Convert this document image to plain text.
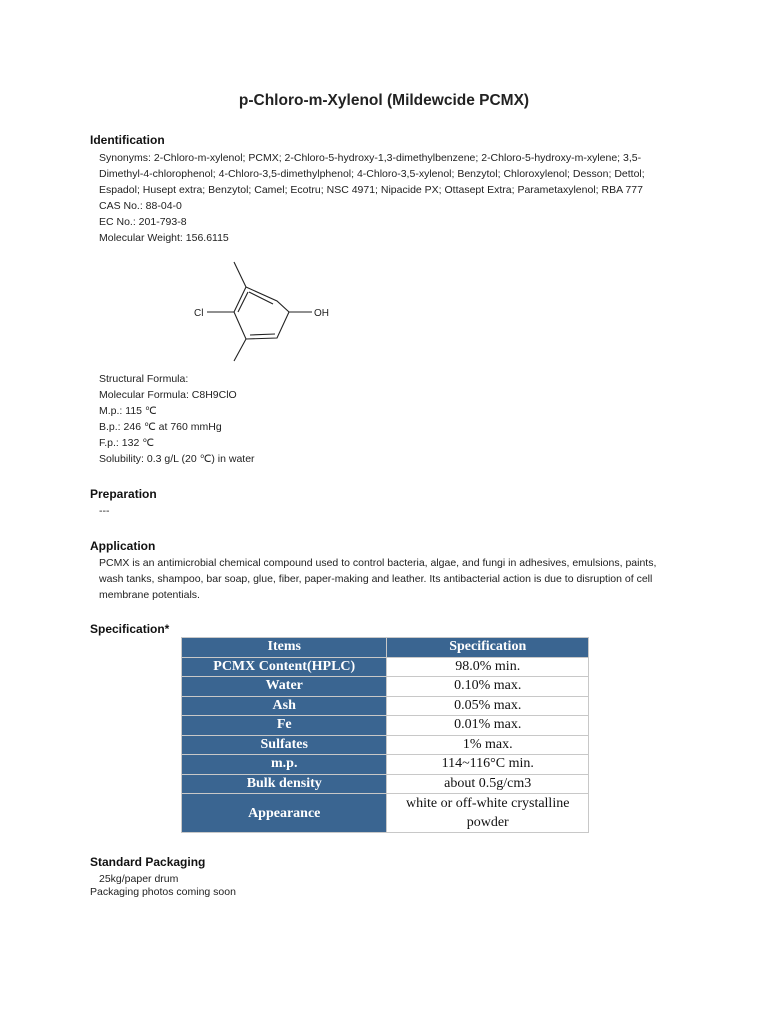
p-Chloro-m-Xylenol (Mildewcide PCMX)
Identification
Synonyms: 2-Chloro-m-xylenol; PCMX; 2-Chloro-5-hydroxy-1,3-dimethylbenzene; 2-Chloro-5-hydroxy-m-xylene; 3,5-
Dimethyl-4-chlorophenol; 4-Chloro-3,5-dimethylphenol; 4-Chloro-3,5-xylenol; Benzytol; Chloroxylenol; Desson; Dettol;
Espadol; Husept extra; Benzytol; Camel; Ecotru; NSC 4971; Nipacide PX; Ottasept Extra; Parametaxylenol; RBA 777
CAS No.: 88-04-0
EC No.: 201-793-8
Molecular Weight: 156.6115
Cl	OH
Structural Formula:
Molecular Formula: C8H9ClO
M.p.: 115 ℃
B.p.: 246 ℃ at 760 mmHg
F.p.: 132 ℃
Solubility: 0.3 g/L (20 ℃) in water
Preparation
---
Application
PCMX is an antimicrobial chemical compound used to control bacteria, algae, and fungi in adhesives, emulsions, paints,
wash tanks, shampoo, bar soap, glue, fiber, paper-making and leather. Its antibacterial action is due to disruption of cell
membrane potentials.
Specification*
Items	Specification
PCMX Content(HPLC)	98.0% min.
Water	0.10% max.
Ash	0.05% max.
Fe	0.01% max.
Sulfates	1% max.
m.p.	114~116°C min.
Bulk density	about 0.5g/cm3
Appearance	white or off-white crystalline powder
Standard Packaging
25kg/paper drum
Packaging photos coming soon
